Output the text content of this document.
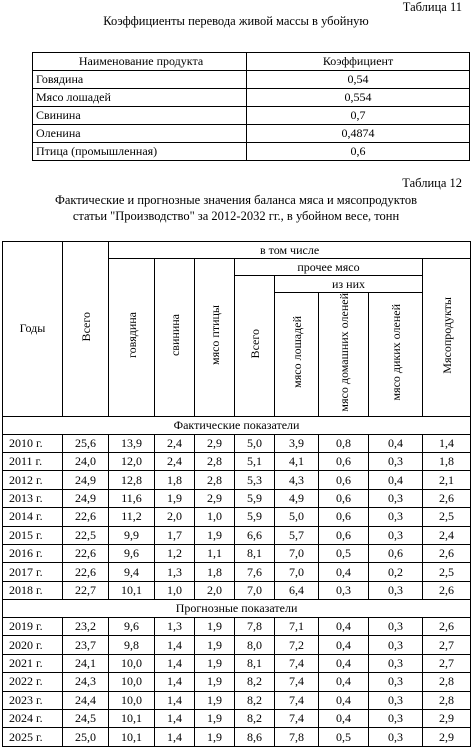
Таблица 11
Коэффициенты перевода живой массы в убойную
Наименование продукта	Коэффициент
Говядина	0,54
Мясо лошадей	0,554
Свинина	0,7
Оленина	0,4874
Птица (промышленная)	0,6
Таблица 12
Фактические и прогнозные значения баланса мяса и мясопродуктов
статьи "Производство" за 2012-2032 гг., в убойном весе, тонн
Годы	Всего	в том числе							
		говядина	свинина	мясо птицы	прочее мясо				Мясопродукты
					Всего	из них			
						мясо лошадей	мясо домашних оленей	мясо диких оленей	
Фактические показатели									
2010 г.	25,6	13,9	2,4	2,9	5,0	3,9	0,8	0,4	1,4
2011 г.	24,0	12,0	2,4	2,8	5,1	4,1	0,6	0,3	1,8
2012 г.	24,9	12,8	1,8	2,8	5,3	4,3	0,6	0,4	2,1
2013 г.	24,9	11,6	1,9	2,9	5,9	4,9	0,6	0,3	2,6
2014 г.	22,6	11,2	2,0	1,0	5,9	5,0	0,6	0,3	2,5
2015 г.	22,5	9,9	1,7	1,9	6,6	5,7	0,6	0,3	2,4
2016 г.	22,6	9,6	1,2	1,1	8,1	7,0	0,5	0,6	2,6
2017 г.	22,6	9,4	1,3	1,8	7,6	7,0	0,4	0,2	2,5
2018 г.	22,7	10,1	1,0	2,0	7,0	6,4	0,3	0,3	2,6
Прогнозные показатели									
2019 г.	23,2	9,6	1,3	1,9	7,8	7,1	0,4	0,3	2,6
2020 г.	23,7	9,8	1,4	1,9	8,0	7,2	0,4	0,3	2,7
2021 г.	24,1	10,0	1,4	1,9	8,1	7,4	0,4	0,3	2,7
2022 г.	24,3	10,0	1,4	1,9	8,2	7,4	0,4	0,3	2,8
2023 г.	24,4	10,0	1,4	1,9	8,2	7,4	0,4	0,3	2,8
2024 г.	24,5	10,1	1,4	1,9	8,2	7,4	0,4	0,3	2,9
2025 г.	25,0	10,1	1,4	1,9	8,6	7,8	0,5	0,3	2,9
